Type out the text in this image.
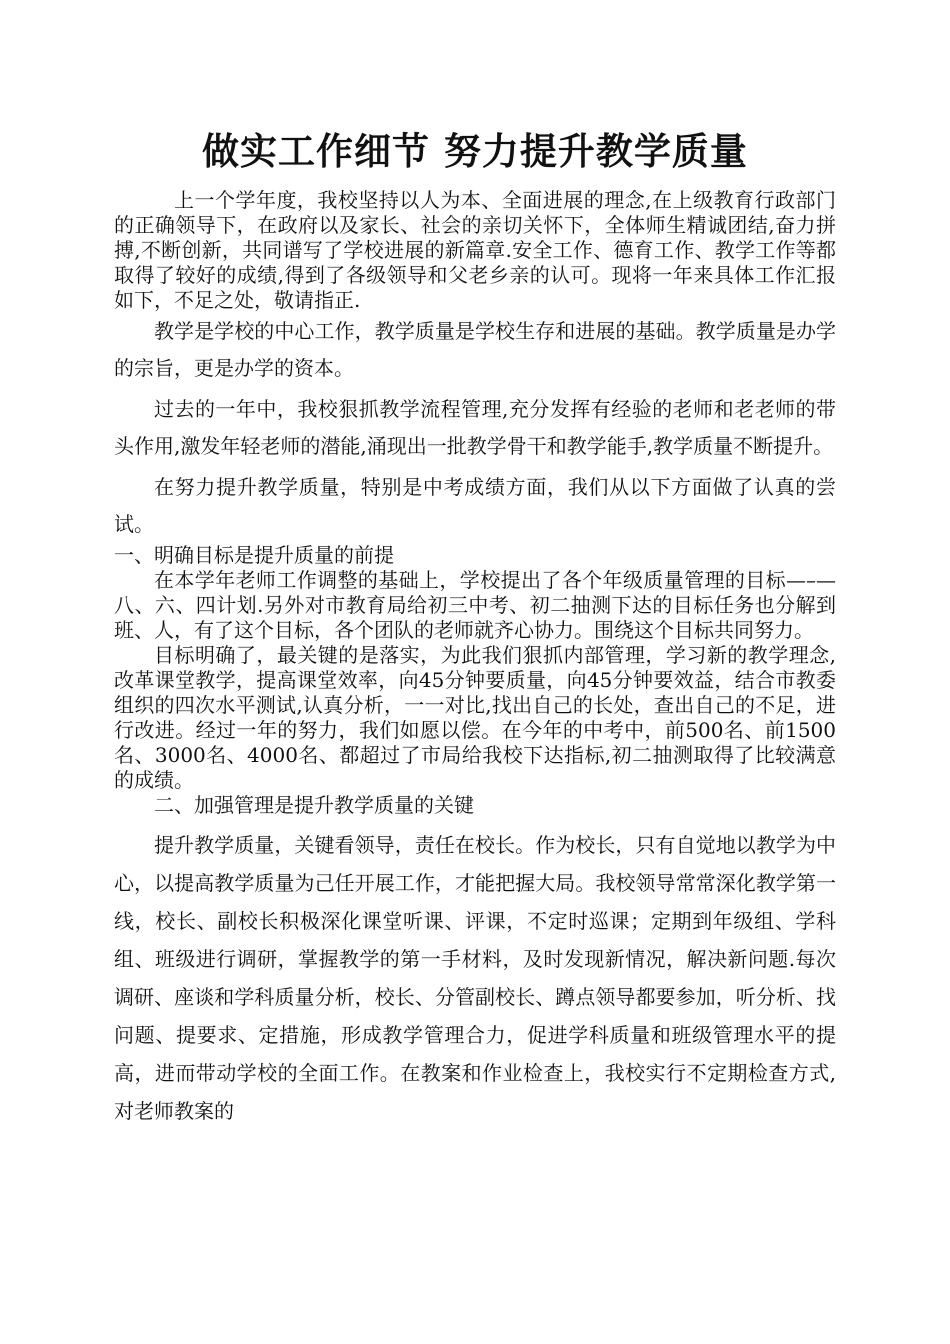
做实工作细节 努力提升教学质量

上一个学年度，我校坚持以人为本、全面进展的理念,在上级教育行政部门的正确领导下，在政府以及家长、社会的亲切关怀下，全体师生精诚团结,奋力拼搏,不断创新，共同谱写了学校进展的新篇章.安全工作、德育工作、教学工作等都取得了较好的成绩,得到了各级领导和父老乡亲的认可。现将一年来具体工作汇报如下，不足之处，敬请指正.

教学是学校的中心工作，教学质量是学校生存和进展的基础。教学质量是办学的宗旨，更是办学的资本。

过去的一年中，我校狠抓教学流程管理,充分发挥有经验的老师和老老师的带头作用,激发年轻老师的潜能,涌现出一批教学骨干和教学能手,教学质量不断提升。

在努力提升教学质量，特别是中考成绩方面，我们从以下方面做了认真的尝试。

一、明确目标是提升质量的前提

在本学年老师工作调整的基础上，学校提出了各个年级质量管理的目标—–—八、六、四计划.另外对市教育局给初三中考、初二抽测下达的目标任务也分解到班、人，有了这个目标，各个团队的老师就齐心协力。围绕这个目标共同努力。

目标明确了，最关键的是落实，为此我们狠抓内部管理，学习新的教学理念,改革课堂教学，提高课堂效率，向45分钟要质量，向45分钟要效益，结合市教委组织的四次水平测试,认真分析，一一对比,找出自己的长处，查出自己的不足，进行改进。经过一年的努力，我们如愿以偿。在今年的中考中，前500名、前1500名、3000名、4000名、都超过了市局给我校下达指标,初二抽测取得了比较满意的成绩。

二、加强管理是提升教学质量的关键

提升教学质量，关键看领导，责任在校长。作为校长，只有自觉地以教学为中心，以提高教学质量为己任开展工作，才能把握大局。我校领导常常深化教学第一线，校长、副校长积极深化课堂听课、评课，不定时巡课；定期到年级组、学科组、班级进行调研，掌握教学的第一手材料，及时发现新情况，解决新问题.每次调研、座谈和学科质量分析，校长、分管副校长、蹲点领导都要参加，听分析、找问题、提要求、定措施，形成教学管理合力，促进学科质量和班级管理水平的提高，进而带动学校的全面工作。在教案和作业检查上，我校实行不定期检查方式,对老师教案的
